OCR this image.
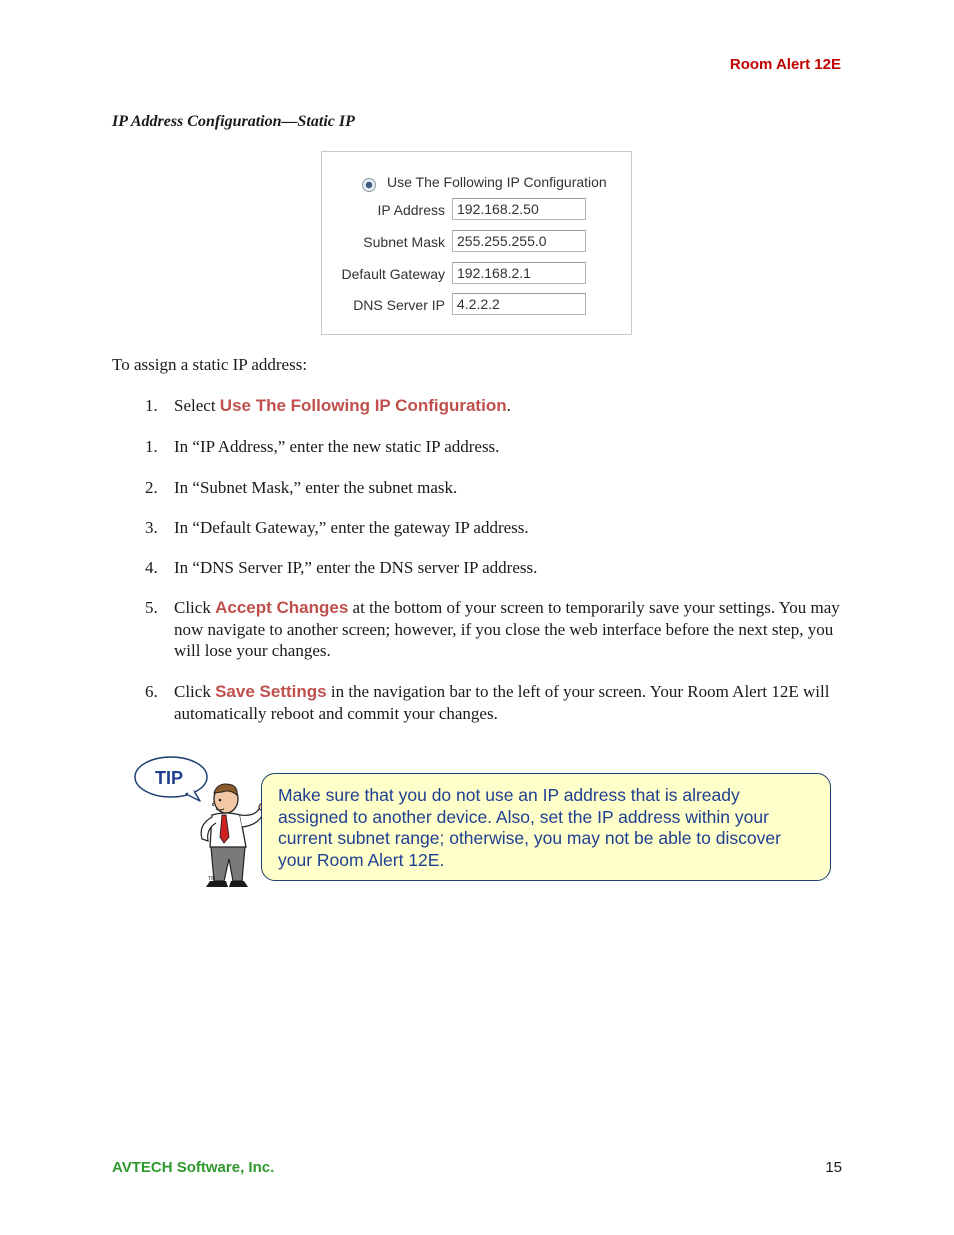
Room Alert 12E
IP Address Configuration—Static IP
Use The Following IP Configuration
IP Address 192.168.2.50
Subnet Mask 255.255.255.0
Default Gateway 192.168.2.1
DNS Server IP 4.2.2.2
To assign a static IP address:
1. Select Use The Following IP Configuration.
1. In “IP Address,” enter the new static IP address.
2. In “Subnet Mask,” enter the subnet mask.
3. In “Default Gateway,” enter the gateway IP address.
4. In “DNS Server IP,” enter the DNS server IP address.
5. Click Accept Changes at the bottom of your screen to temporarily save your settings. You may now navigate to another screen; however, if you close the web interface before the next step, you will lose your changes.
6. Click Save Settings in the navigation bar to the left of your screen. Your Room Alert 12E will automatically reboot and commit your changes.
TIP
TM
Make sure that you do not use an IP address that is already assigned to another device. Also, set the IP address within your current subnet range; otherwise, you may not be able to discover your Room Alert 12E.
AVTECH Software, Inc.	15
